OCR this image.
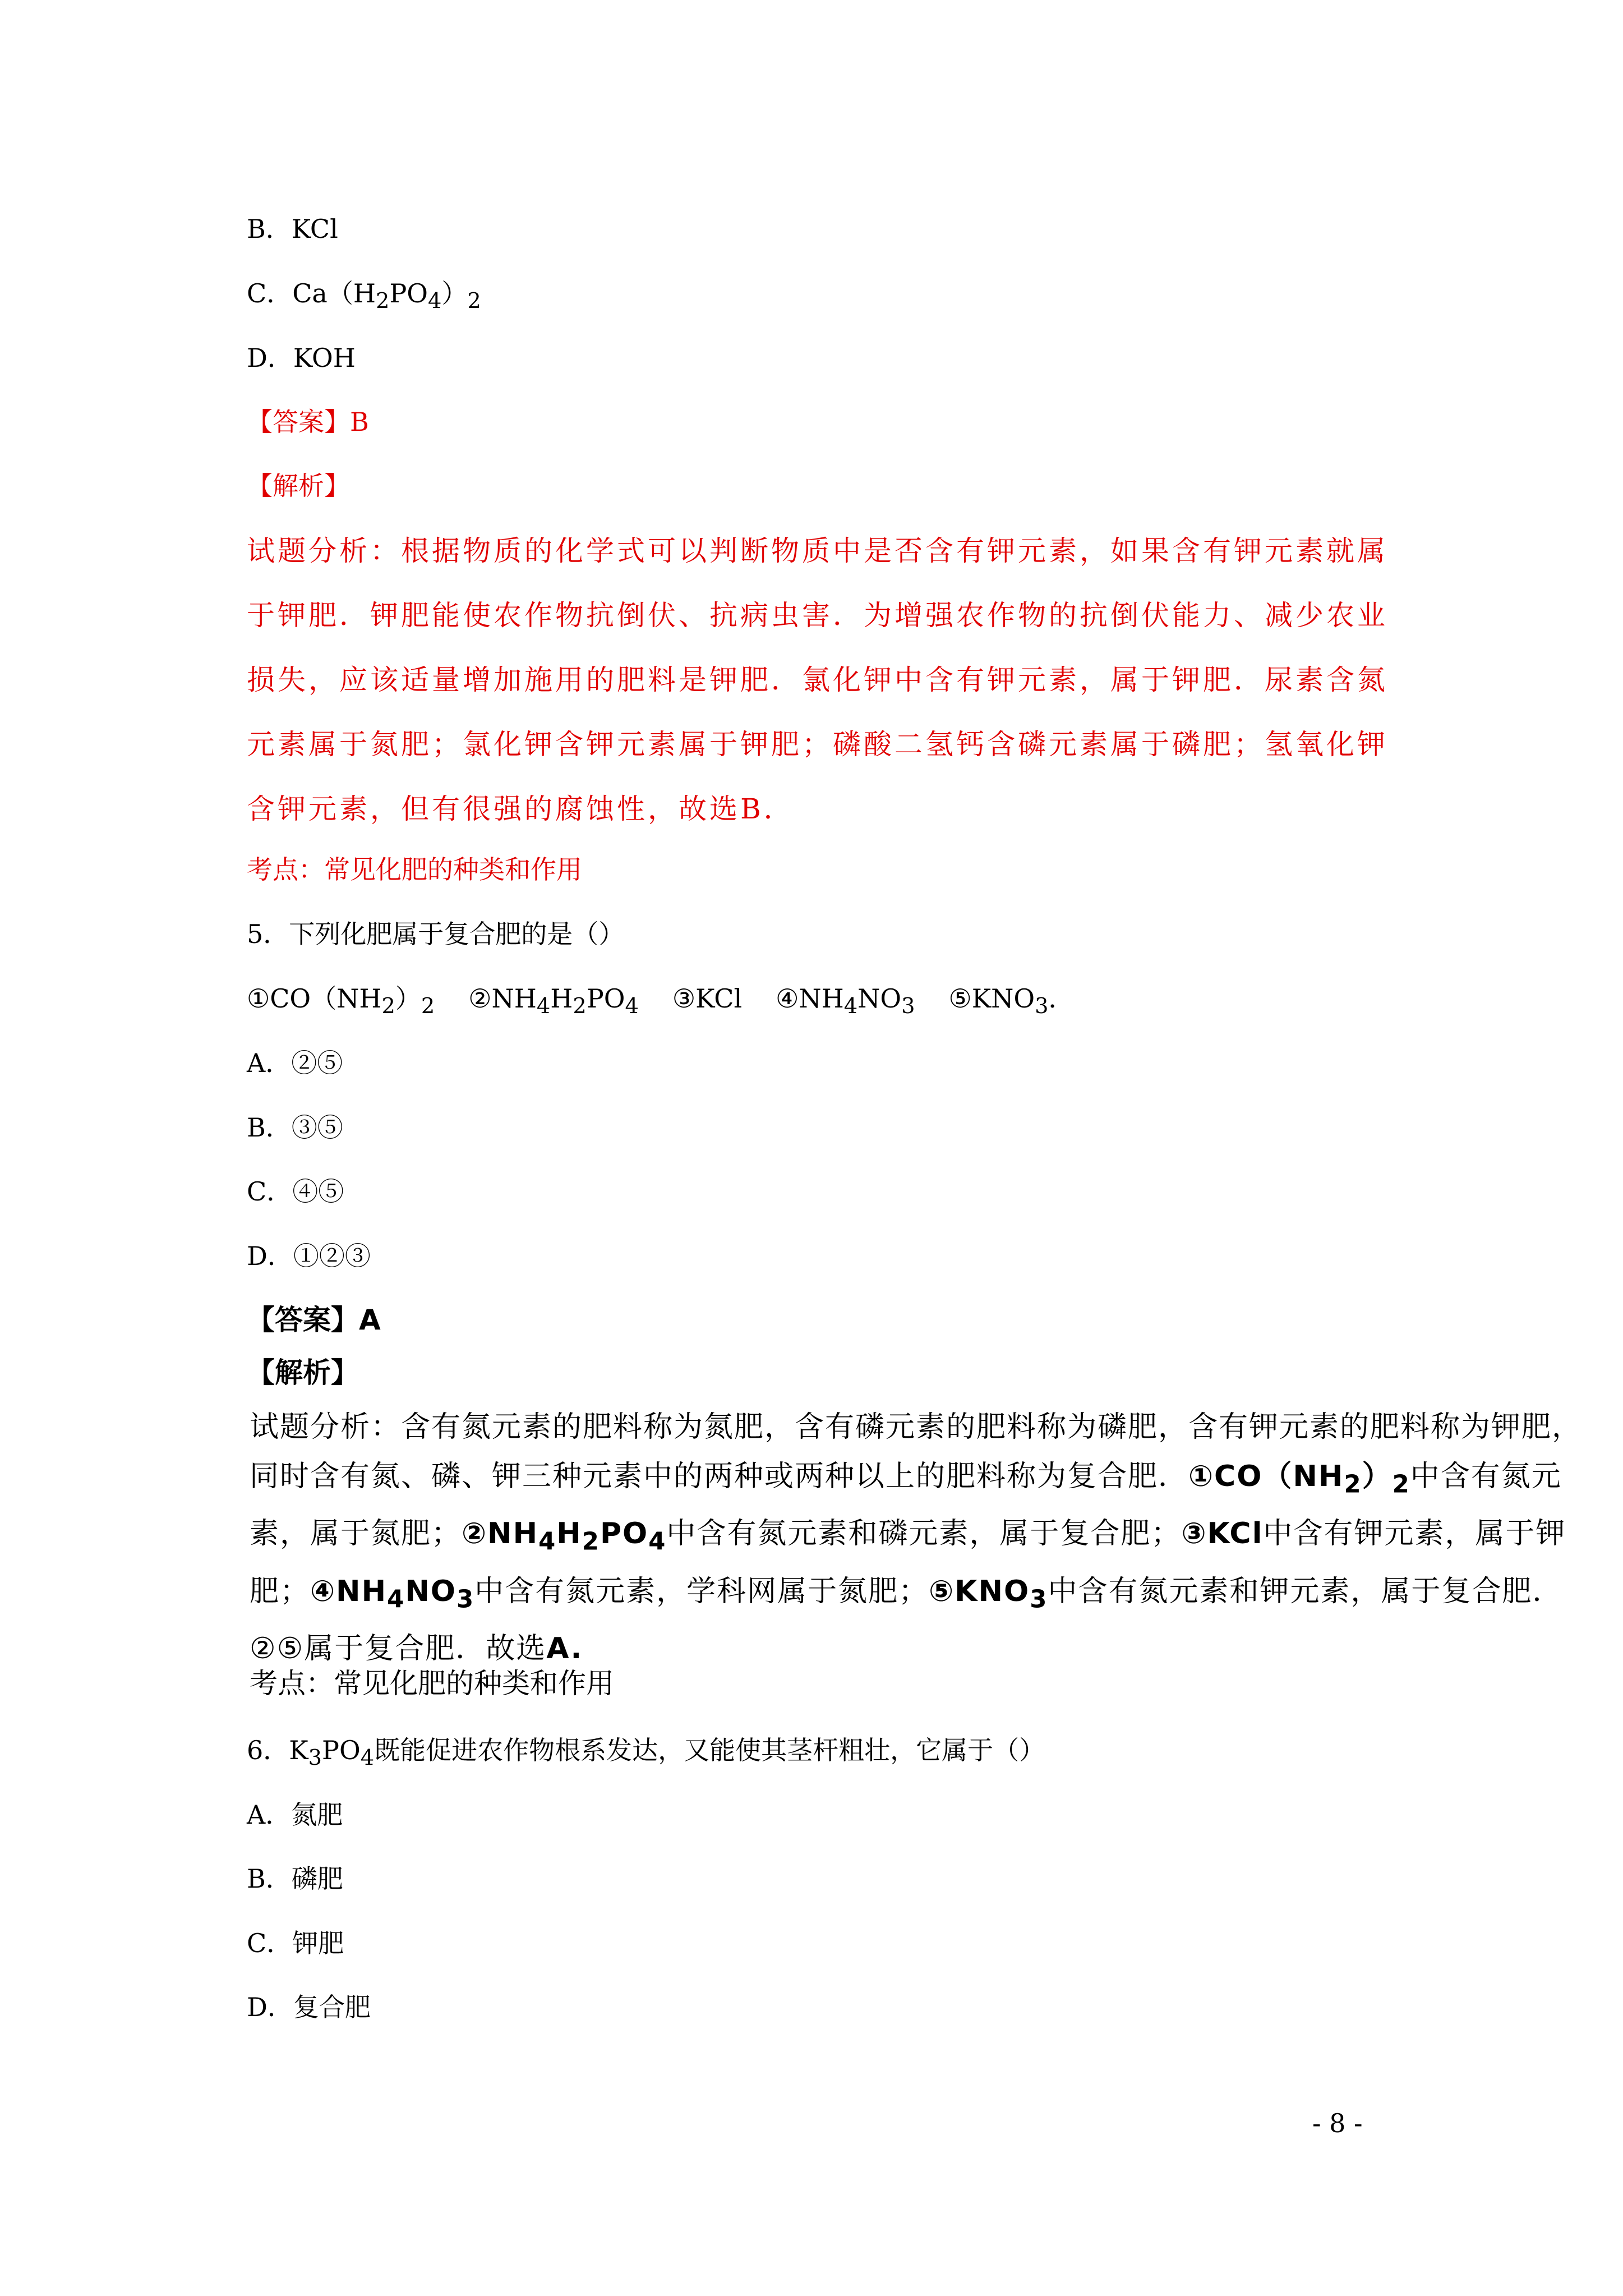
B．KCl
C．$Ca(H_2PO_4)_2$
D．KOH
【答案】B
【解析】
试题分析：根据物质的化学式可以判断物质中是否含有钾元素，如果含有钾元素就属于钾肥．钾肥能使农作物抗倒伏、抗病虫害．为增强农作物的抗倒伏能力、减少农业损失，应该适量增加施用的肥料是钾肥．氯化钾中含有钾元素，属于钾肥．尿素含氮元素属于氮肥；氯化钾含钾元素属于钾肥；磷酸二氢钙含磷元素属于磷肥；氢氧化钾含钾元素，但有很强的腐蚀性，故选B．
考点：常见化肥的种类和作用
5．下列化肥属于复合肥的是（）
$①CO(NH_2)_2$ $②NH_4H_2PO_4$ ③KCl $④NH_4NO_3$ $⑤KNO_3$．
A．②⑤
B．③⑤
C．④⑤
D．①②③
【答案】A
【解析】
试题分析：含有氮元素的肥料称为氮肥，含有磷元素的肥料称为磷肥，含有钾元素的肥料称为钾肥，同时含有氮、磷、钾三种元素中的两种或两种以上的肥料称为复合肥．$①CO(NH_2)_2$中含有氮元素，属于氮肥；$②NH_4H_2PO_4$中含有氮元素和磷元素，属于复合肥；③KCl中含有钾元素，属于钾肥；$④NH_4NO_3$中含有氮元素，学科网属于氮肥；$⑤KNO_3$中含有氮元素和钾元素，属于复合肥．②⑤属于复合肥．故选A.
考点：常见化肥的种类和作用
6．$K_3PO_4$既能促进农作物根系发达，又能使其茎杆粗壮，它属于（）
A．氮肥
B．磷肥
C．钾肥
D．复合肥
- 8 -
